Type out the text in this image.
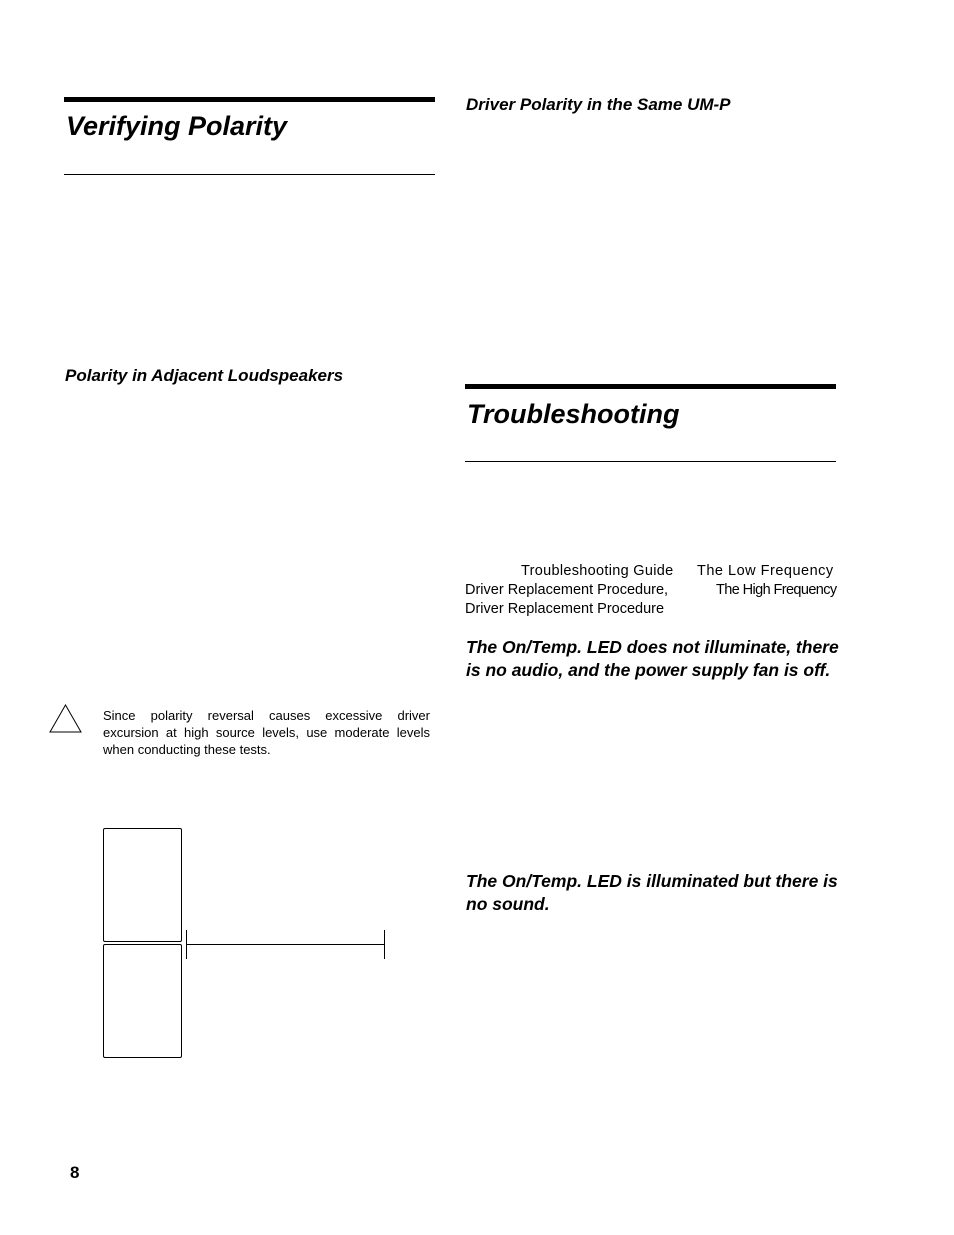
Verifying Polarity
Polarity in Adjacent Loudspeakers
Since polarity reversal causes excessive driver excursion at high source levels, use moderate levels when conducting these tests.
8
Driver Polarity in the Same UM-P
Troubleshooting
Troubleshooting Guide The Low Frequency
Driver Replacement Procedure,	The High Frequency
Driver Replacement Procedure
The On/Temp. LED does not illuminate, there is no audio, and the power supply fan is off.
The On/Temp. LED is illuminated but there is no sound.
